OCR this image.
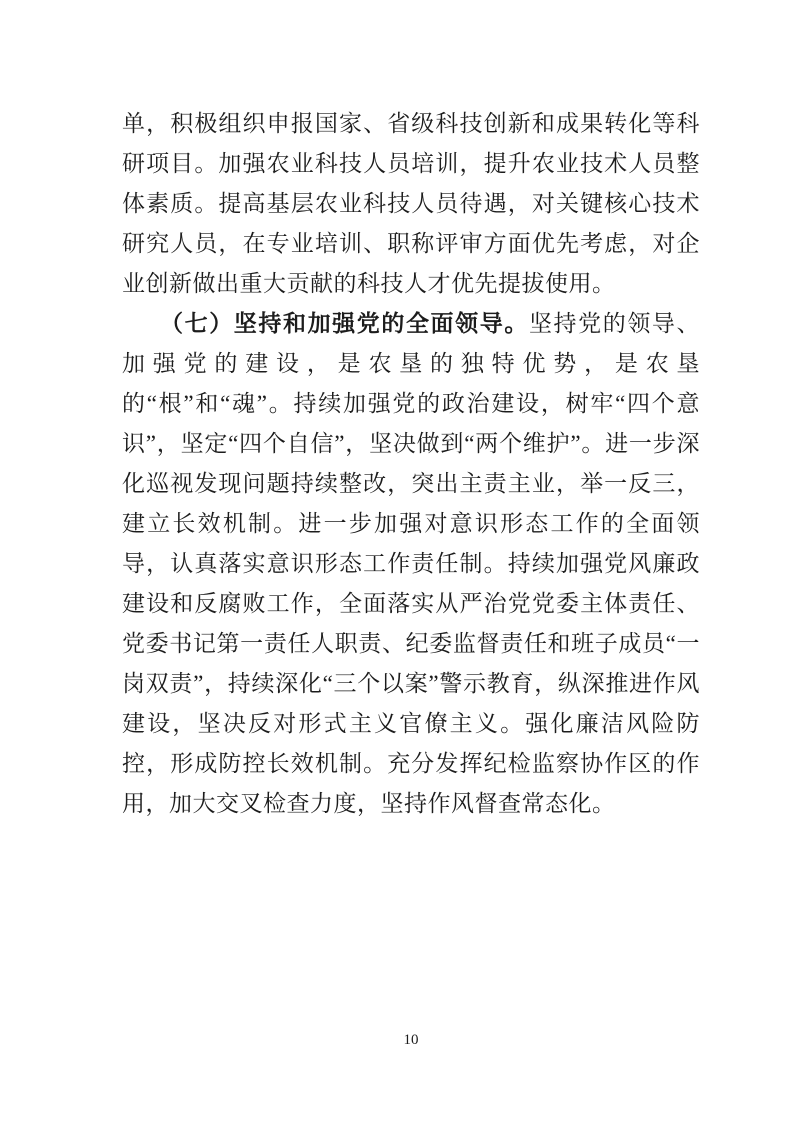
单，积极组织申报国家、省级科技创新和成果转化等科研项目。加强农业科技人员培训，提升农业技术人员整体素质。提高基层农业科技人员待遇，对关键核心技术研究人员，在专业培训、职称评审方面优先考虑，对企业创新做出重大贡献的科技人才优先提拔使用。

（七）坚持和加强党的全面领导。坚持党的领导、加强党的建设，是农垦的独特优势，是农垦的“根”和“魂”。持续加强党的政治建设，树牢“四个意识”，坚定“四个自信”，坚决做到“两个维护”。进一步深化巡视发现问题持续整改，突出主责主业，举一反三，建立长效机制。进一步加强对意识形态工作的全面领导，认真落实意识形态工作责任制。持续加强党风廉政建设和反腐败工作，全面落实从严治党党委主体责任、党委书记第一责任人职责、纪委监督责任和班子成员“一岗双责”，持续深化“三个以案”警示教育，纵深推进作风建设，坚决反对形式主义官僚主义。强化廉洁风险防控，形成防控长效机制。充分发挥纪检监察协作区的作用，加大交叉检查力度，坚持作风督查常态化。

10
